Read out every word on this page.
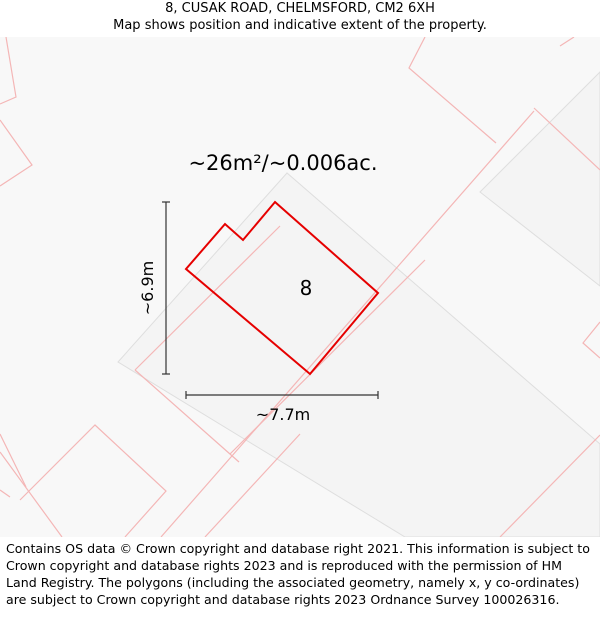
8, CUSAK ROAD, CHELMSFORD, CM2 6XH
Map shows position and indicative extent of the property.
~26m²/~0.006ac.
~7.7m
~6.9m	8
Contains OS data © Crown copyright and database right 2021. This information is subject to Crown copyright and database rights 2023 and is reproduced with the permission of HM Land Registry. The polygons (including the associated geometry, namely x, y co-ordinates) are subject to Crown copyright and database rights 2023 Ordnance Survey 100026316.
